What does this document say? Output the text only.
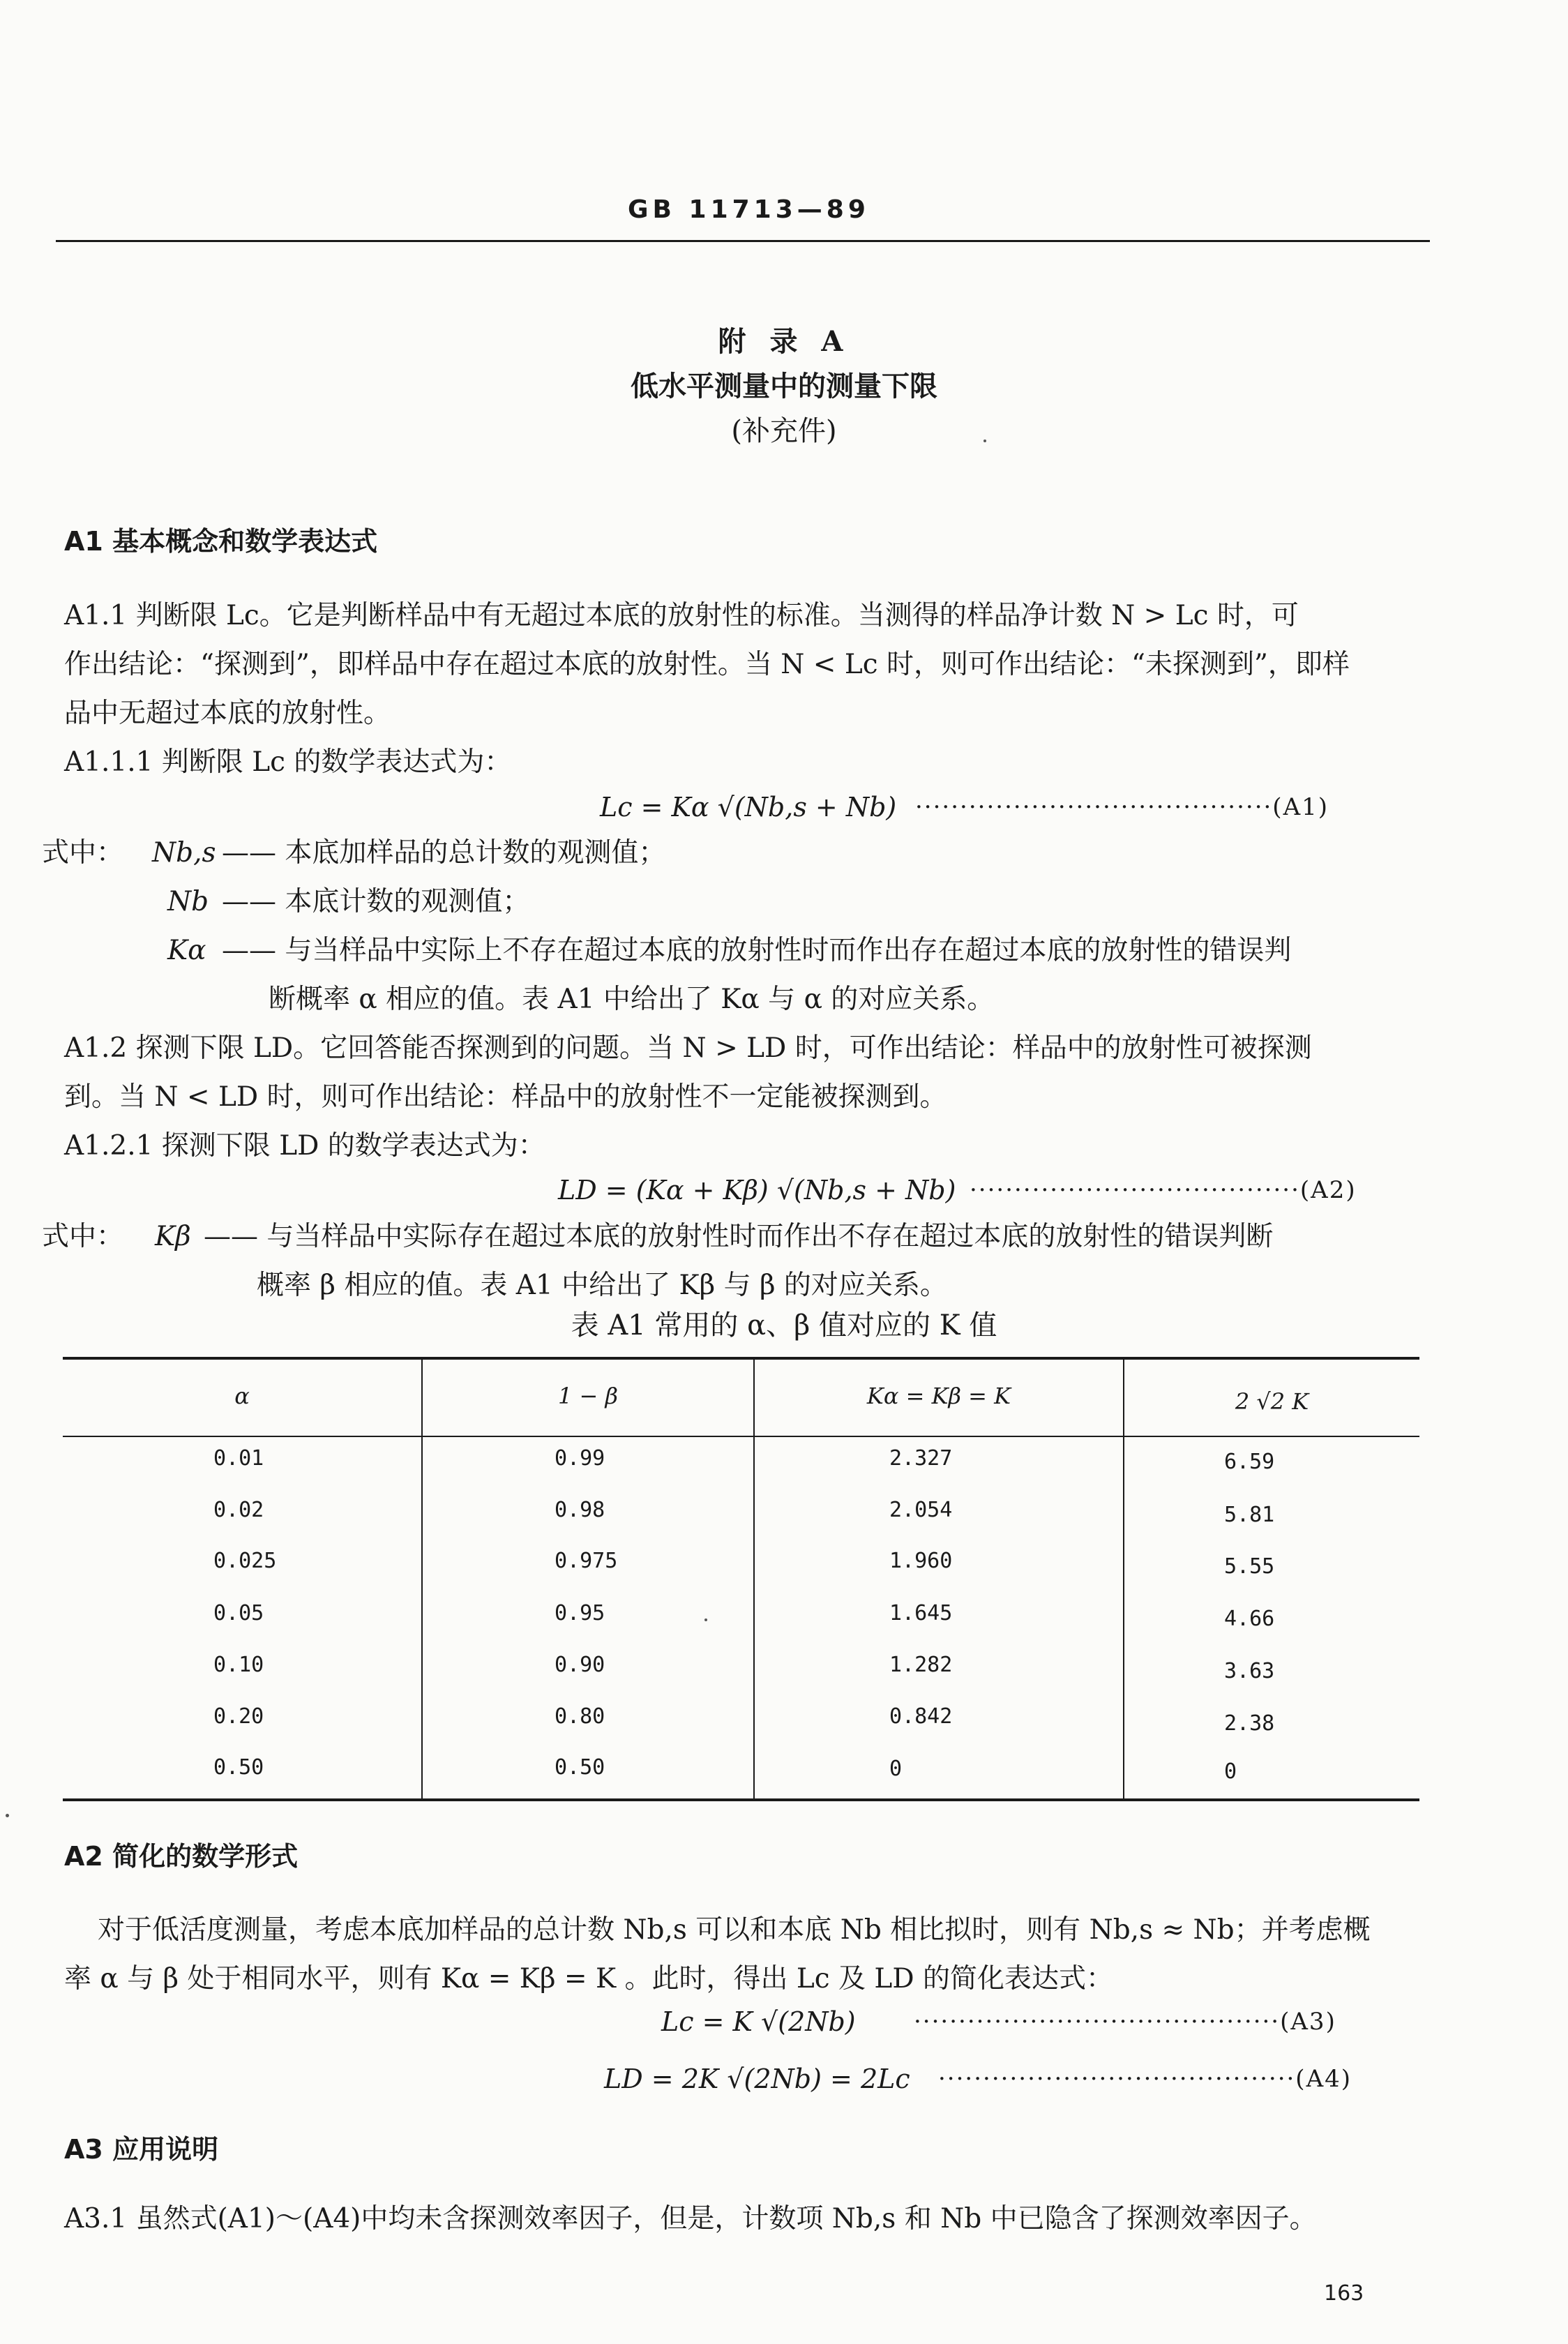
GB 11713—89
附 录 A
低水平测量中的测量下限
(补充件)
A1 基本概念和数学表达式
A1.1 判断限 Lc。它是判断样品中有无超过本底的放射性的标准。当测得的样品净计数 N > Lc 时，可
作出结论：“探测到”，即样品中存在超过本底的放射性。当 N < Lc 时，则可作出结论：“未探测到”，即样
品中无超过本底的放射性。
A1.1.1 判断限 Lc 的数学表达式为：
Lc = Kα √(Nb,s + Nb) ········································(A1)
式中： Nb,s —— 本底加样品的总计数的观测值；
Nb —— 本底计数的观测值；
Kα —— 与当样品中实际上不存在超过本底的放射性时而作出存在超过本底的放射性的错误判
断概率 α 相应的值。表 A1 中给出了 Kα 与 α 的对应关系。
A1.2 探测下限 LD。它回答能否探测到的问题。当 N > LD 时，可作出结论：样品中的放射性可被探测
到。当 N < LD 时，则可作出结论：样品中的放射性不一定能被探测到。
A1.2.1 探测下限 LD 的数学表达式为：
LD = (Kα + Kβ) √(Nb,s + Nb) ·····································(A2)
式中： Kβ —— 与当样品中实际存在超过本底的放射性时而作出不存在超过本底的放射性的错误判断
概率 β 相应的值。表 A1 中给出了 Kβ 与 β 的对应关系。
表 A1 常用的 α、β 值对应的 K 值
α	1 − β	Kα = Kβ = K	2 √2 K
0.01	0.99	2.327	6.59
0.02	0.98	2.054	5.81
0.025	0.975	1.960	5.55
0.05	0.95	1.645	4.66
0.10	0.90	1.282	3.63
0.20	0.80	0.842	2.38
0.50	0.50	0	0
A2 简化的数学形式
对于低活度测量，考虑本底加样品的总计数 Nb,s 可以和本底 Nb 相比拟时，则有 Nb,s ≈ Nb；并考虑概
率 α 与 β 处于相同水平，则有 Kα = Kβ = K 。此时，得出 Lc 及 LD 的简化表达式：
Lc = K √(2Nb) ·········································(A3)
LD = 2K √(2Nb) = 2Lc ········································(A4)
A3 应用说明
A3.1 虽然式(A1)～(A4)中均未含探测效率因子，但是，计数项 Nb,s 和 Nb 中已隐含了探测效率因子。
163
